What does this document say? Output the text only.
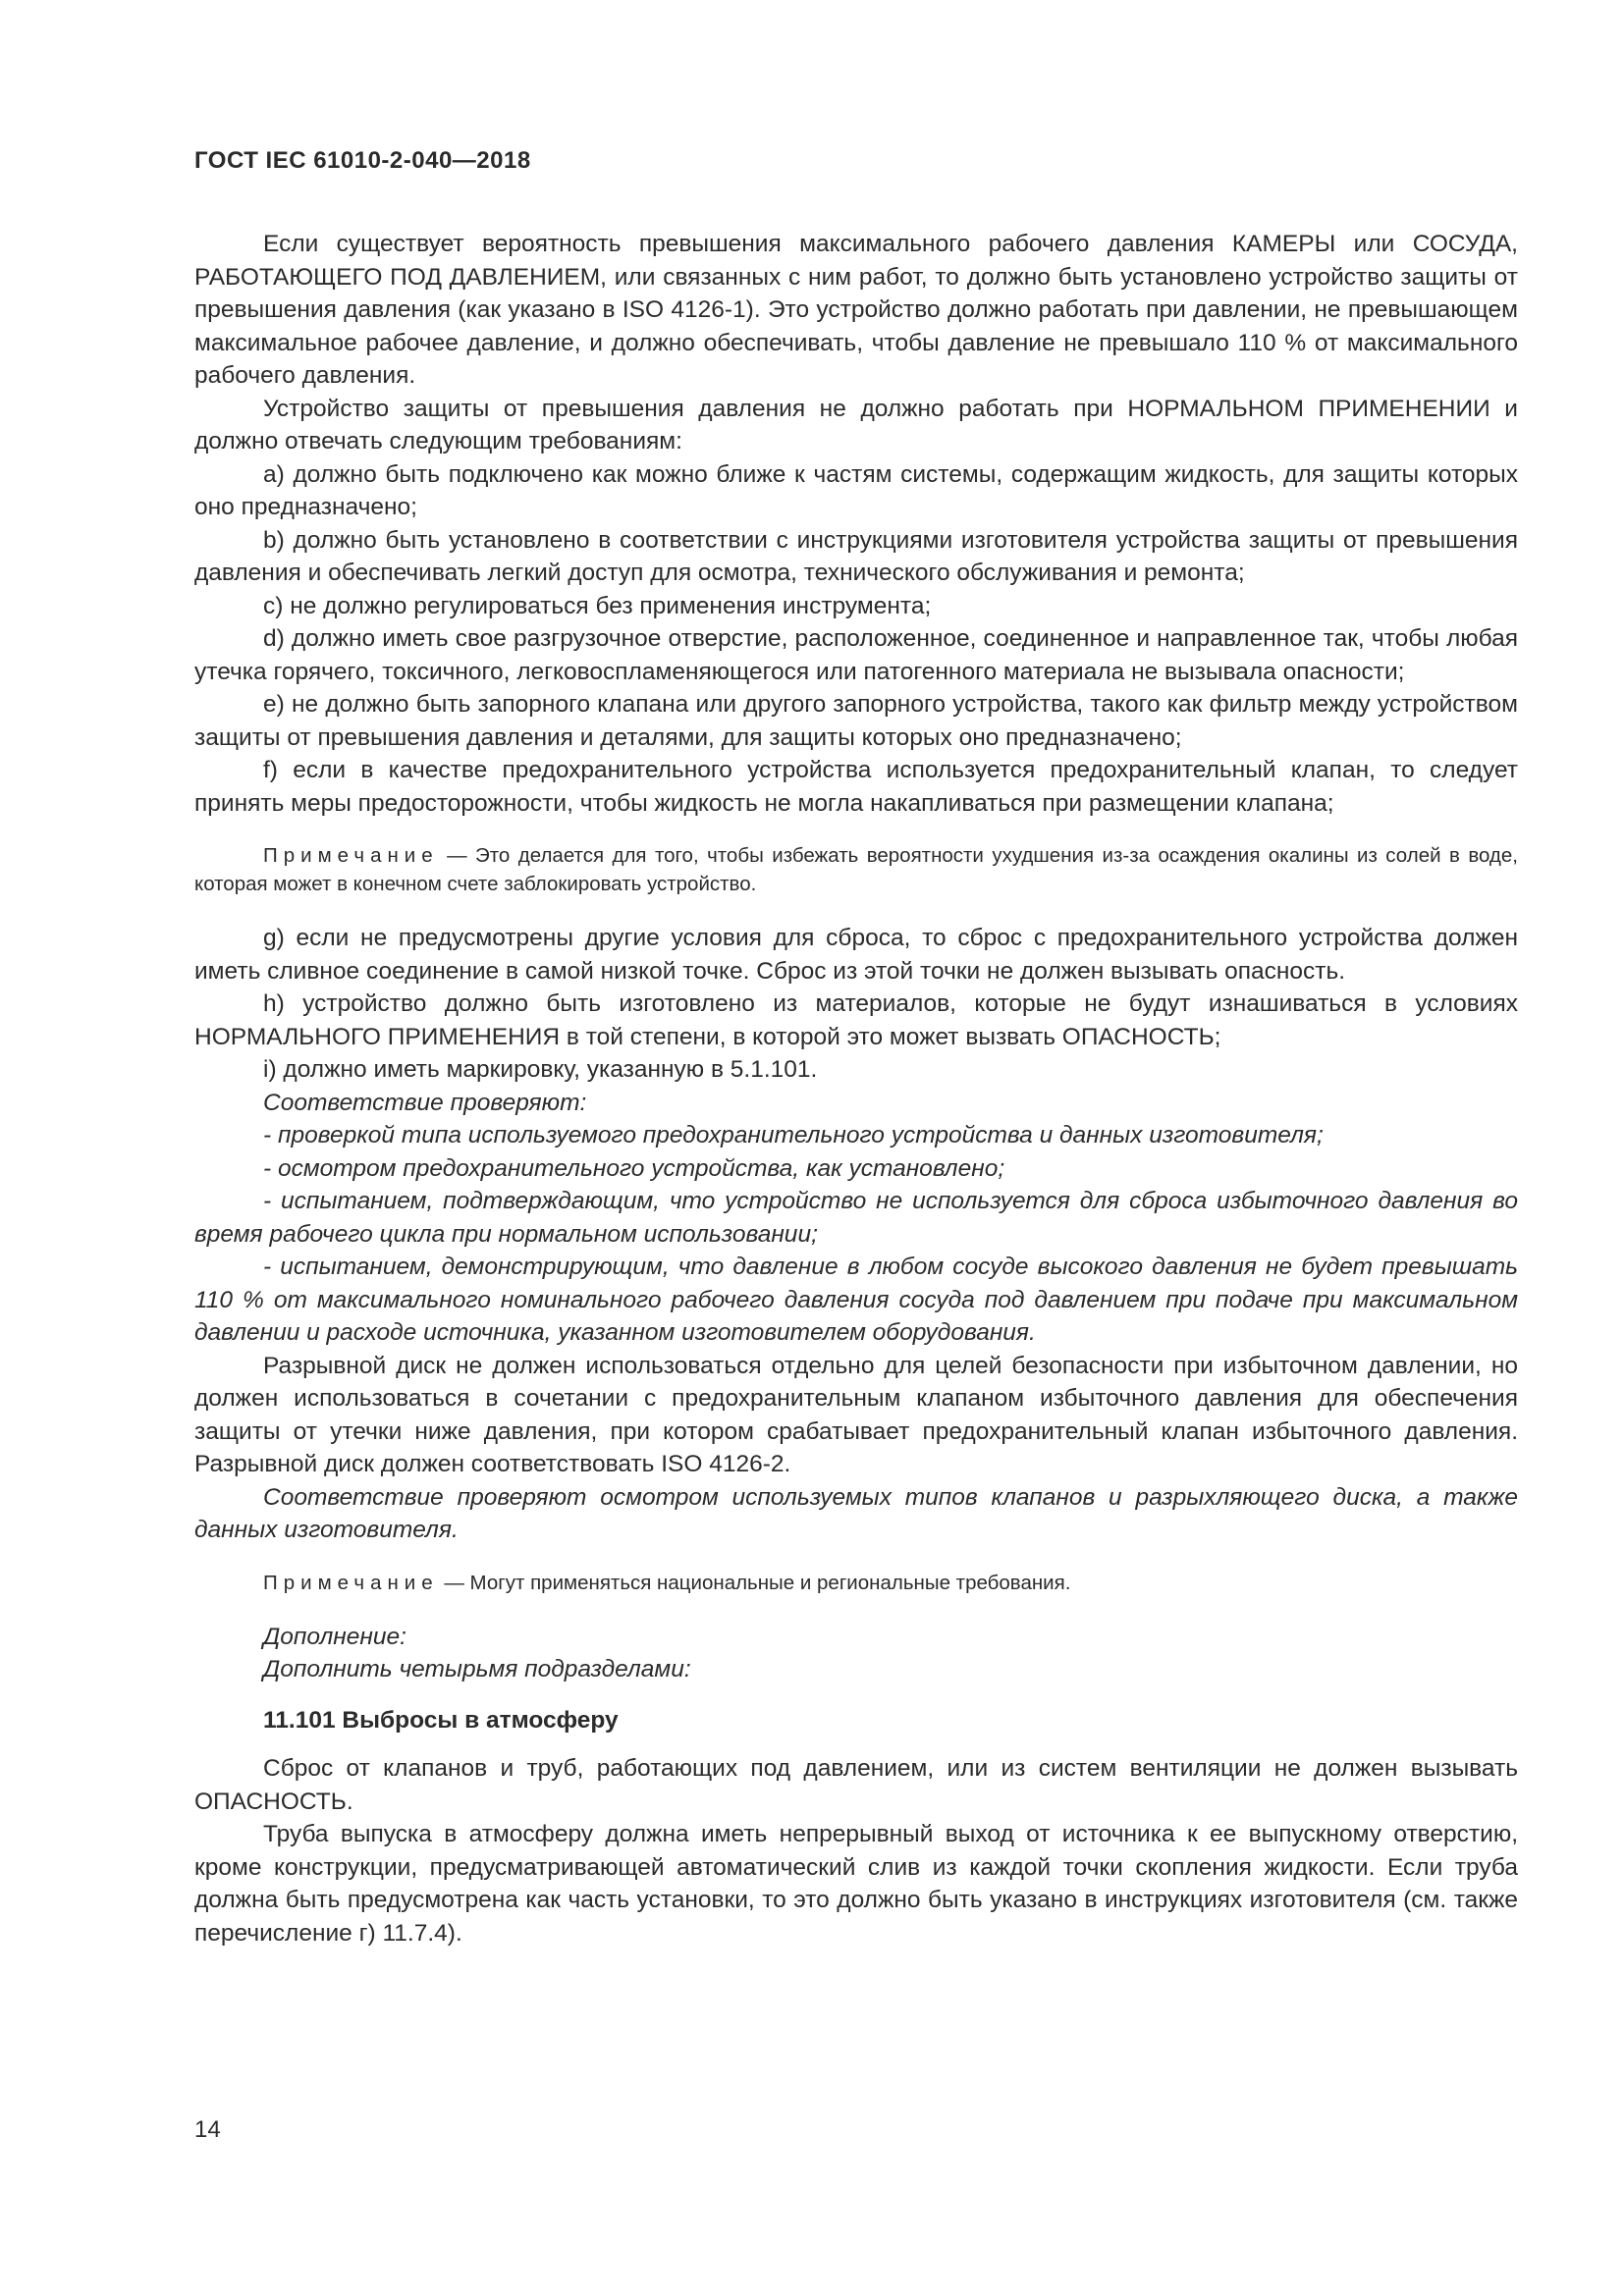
ГОСТ IEC 61010-2-040—2018

Если существует вероятность превышения максимального рабочего давления КАМЕРЫ или СОСУДА, РАБОТАЮЩЕГО ПОД ДАВЛЕНИЕМ, или связанных с ним работ, то должно быть установлено устройство защиты от превышения давления (как указано в ISO 4126-1). Это устройство должно работать при давлении, не превышающем максимальное рабочее давление, и должно обеспечивать, чтобы давление не превышало 110 % от максимального рабочего давления.

Устройство защиты от превышения давления не должно работать при НОРМАЛЬНОМ ПРИМЕНЕНИИ и должно отвечать следующим требованиям:

a) должно быть подключено как можно ближе к частям системы, содержащим жидкость, для защиты которых оно предназначено;

b) должно быть установлено в соответствии с инструкциями изготовителя устройства защиты от превышения давления и обеспечивать легкий доступ для осмотра, технического обслуживания и ремонта;

c) не должно регулироваться без применения инструмента;

d) должно иметь свое разгрузочное отверстие, расположенное, соединенное и направленное так, чтобы любая утечка горячего, токсичного, легковоспламеняющегося или патогенного материала не вызывала опасности;

e) не должно быть запорного клапана или другого запорного устройства, такого как фильтр между устройством защиты от превышения давления и деталями, для защиты которых оно предназначено;

f) если в качестве предохранительного устройства используется предохранительный клапан, то следует принять меры предосторожности, чтобы жидкость не могла накапливаться при размещении клапана;

Примечание — Это делается для того, чтобы избежать вероятности ухудшения из-за осаждения окалины из солей в воде, которая может в конечном счете заблокировать устройство.

g) если не предусмотрены другие условия для сброса, то сброс с предохранительного устройства должен иметь сливное соединение в самой низкой точке. Сброс из этой точки не должен вызывать опасность.

h) устройство должно быть изготовлено из материалов, которые не будут изнашиваться в условиях НОРМАЛЬНОГО ПРИМЕНЕНИЯ в той степени, в которой это может вызвать ОПАСНОСТЬ;

i) должно иметь маркировку, указанную в 5.1.101.

Соответствие проверяют:

- проверкой типа используемого предохранительного устройства и данных изготовителя;

- осмотром предохранительного устройства, как установлено;

- испытанием, подтверждающим, что устройство не используется для сброса избыточного давления во время рабочего цикла при нормальном использовании;

- испытанием, демонстрирующим, что давление в любом сосуде высокого давления не будет превышать 110 % от максимального номинального рабочего давления сосуда под давлением при подаче при максимальном давлении и расходе источника, указанном изготовителем оборудования.

Разрывной диск не должен использоваться отдельно для целей безопасности при избыточном давлении, но должен использоваться в сочетании с предохранительным клапаном избыточного давления для обеспечения защиты от утечки ниже давления, при котором срабатывает предохранительный клапан избыточного давления. Разрывной диск должен соответствовать ISO 4126-2.

Соответствие проверяют осмотром используемых типов клапанов и разрыхляющего диска, а также данных изготовителя.

Примечание — Могут применяться национальные и региональные требования.

Дополнение:

Дополнить четырьмя подразделами:

11.101 Выбросы в атмосферу

Сброс от клапанов и труб, работающих под давлением, или из систем вентиляции не должен вызывать ОПАСНОСТЬ.

Труба выпуска в атмосферу должна иметь непрерывный выход от источника к ее выпускному отверстию, кроме конструкции, предусматривающей автоматический слив из каждой точки скопления жидкости. Если труба должна быть предусмотрена как часть установки, то это должно быть указано в инструкциях изготовителя (см. также перечисление г) 11.7.4).

14
